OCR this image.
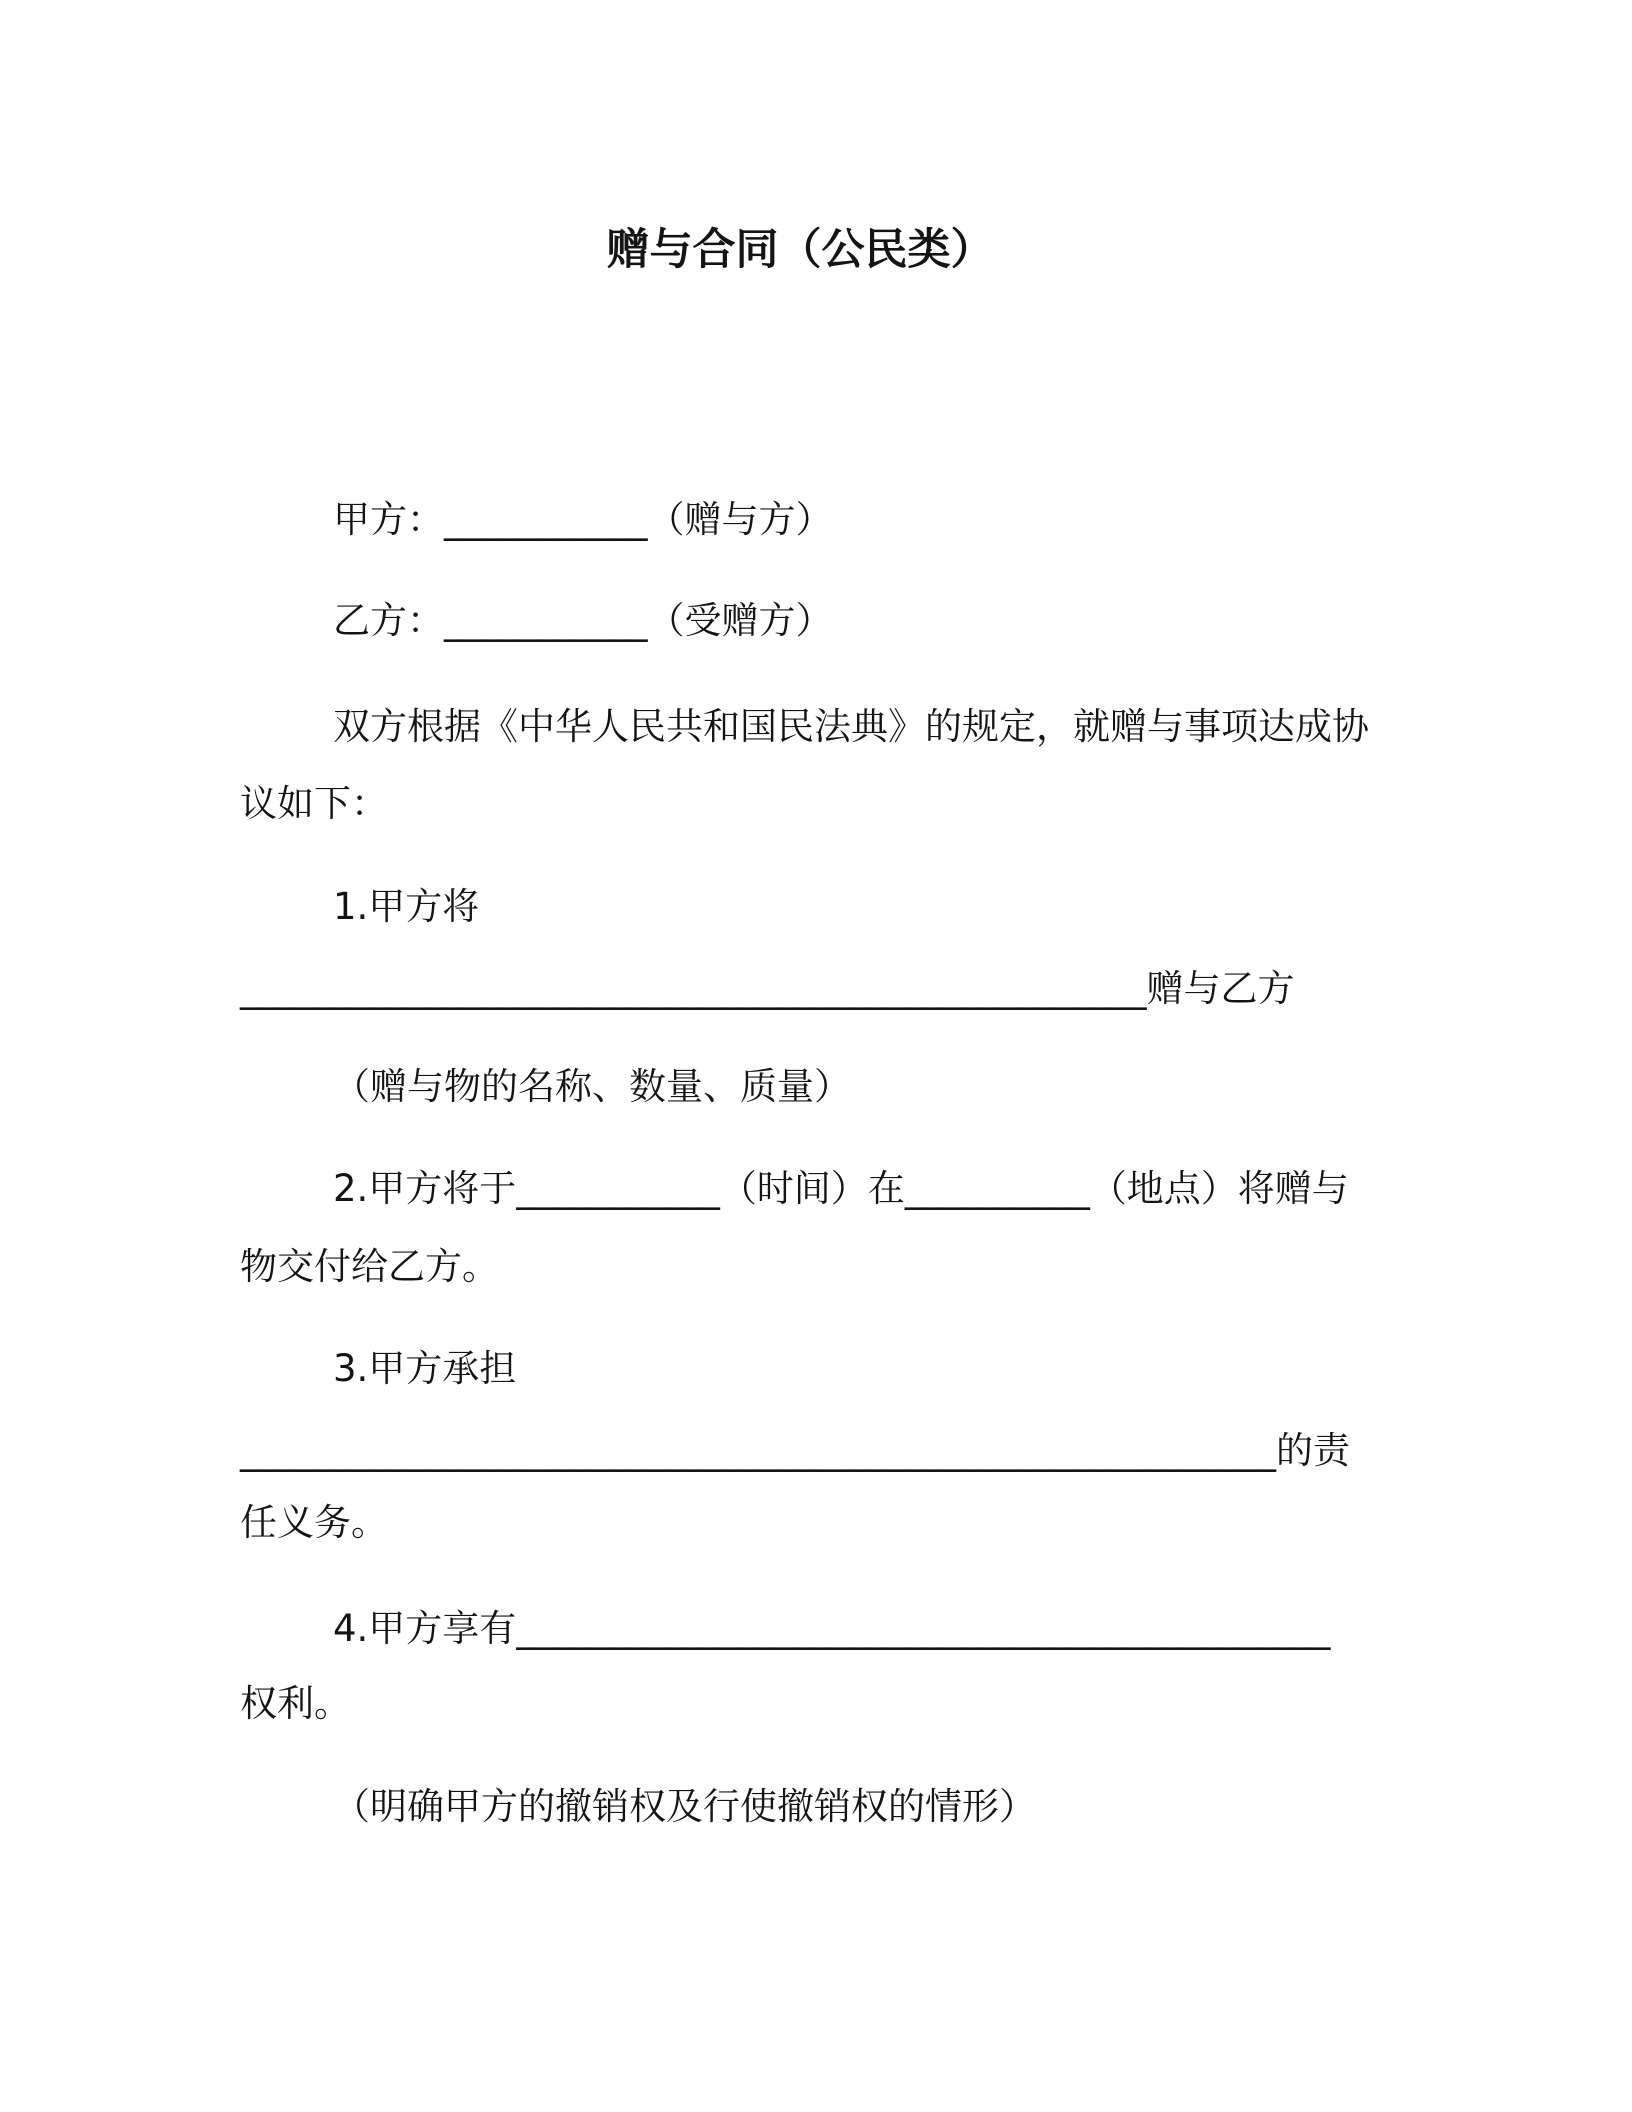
赠与合同（公民类）
甲方：___________（赠与方）
乙方：___________（受赠方）
双方根据《中华人民共和国民法典》的规定，就赠与事项达成协
议如下：
1.甲方将
_________________________________________________赠与乙方
（赠与物的名称、数量、质量）
2.甲方将于___________（时间）在__________（地点）将赠与
物交付给乙方。
3.甲方承担
________________________________________________________的责
任义务。
4.甲方享有____________________________________________
权利。
（明确甲方的撤销权及行使撤销权的情形）
